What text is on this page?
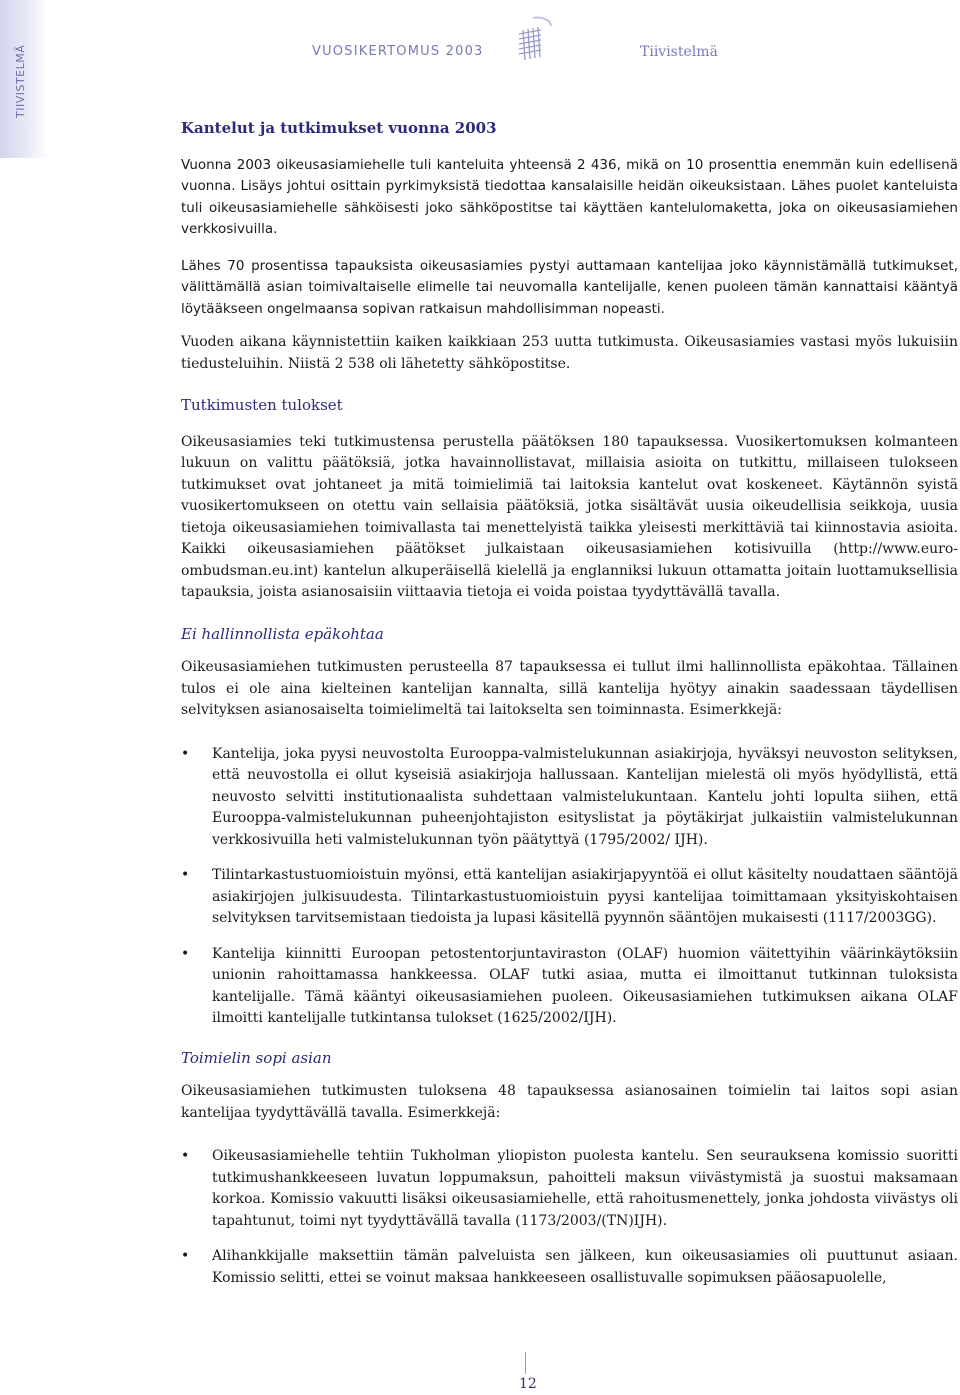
TIIVISTELMÄ	VUOSIKERTOMUS 2003	Tiivistelmä
Kantelut ja tutkimukset vuonna 2003

Vuonna 2003 oikeusasiamiehelle tuli kanteluita yhteensä 2 436, mikä on 10 prosenttia enemmän kuin edellisenä vuonna. Lisäys johtui osittain pyrkimyksistä tiedottaa kansalaisille heidän oikeuksistaan. Lähes puolet kanteluista tuli oikeusasiamiehelle sähköisesti joko sähköpostitse tai käyttäen kantelulomaketta, joka on oikeusasiamiehen verkkosivuilla.

Lähes 70 prosentissa tapauksista oikeusasiamies pystyi auttamaan kantelijaa joko käynnistämällä tutkimukset, välittämällä asian toimivaltaiselle elimelle tai neuvomalla kantelijalle, kenen puoleen tämän kannattaisi kääntyä löytääkseen ongelmaansa sopivan ratkaisun mahdollisimman nopeasti.

Vuoden aikana käynnistettiin kaiken kaikkiaan 253 uutta tutkimusta. Oikeusasiamies vastasi myös lukuisiin tiedusteluihin. Niistä 2 538 oli lähetetty sähköpostitse.

Tutkimusten tulokset

Oikeusasiamies teki tutkimustensa perustella päätöksen 180 tapauksessa. Vuosikertomuksen kolmanteen lukuun on valittu päätöksiä, jotka havainnollistavat, millaisia asioita on tutkittu, millaiseen tulokseen tutkimukset ovat johtaneet ja mitä toimielimiä tai laitoksia kantelut ovat koskeneet. Käytännön syistä vuosikertomukseen on otettu vain sellaisia päätöksiä, jotka sisältävät uusia oikeudellisia seikkoja, uusia tietoja oikeusasiamiehen toimivallasta tai menettelyistä taikka yleisesti merkittäviä tai kiinnostavia asioita. Kaikki oikeusasiamiehen päätökset julkaistaan oikeusasiamiehen kotisivuilla (http://www.euro-ombudsman.eu.int) kantelun alkuperäisellä kielellä ja englanniksi lukuun ottamatta joitain luottamuksellisia tapauksia, joista asianosaisiin viittaavia tietoja ei voida poistaa tyydyttävällä tavalla.

Ei hallinnollista epäkohtaa

Oikeusasiamiehen tutkimusten perusteella 87 tapauksessa ei tullut ilmi hallinnollista epäkohtaa. Tällainen tulos ei ole aina kielteinen kantelijan kannalta, sillä kantelija hyötyy ainakin saadessaan täydellisen selvityksen asianosaiselta toimielimeltä tai laitokselta sen toiminnasta. Esimerkkejä:

• Kantelija, joka pyysi neuvostolta Eurooppa-valmistelukunnan asiakirjoja, hyväksyi neuvoston selityksen, että neuvostolla ei ollut kyseisiä asiakirjoja hallussaan. Kantelijan mielestä oli myös hyödyllistä, että neuvosto selvitti institutionaalista suhdettaan valmistelukuntaan. Kantelu johti lopulta siihen, että Eurooppa-valmistelukunnan puheenjohtajiston esityslistat ja pöytäkirjat julkaistiin valmistelukunnan verkkosivuilla heti valmistelukunnan työn päätyttyä (1795/2002/ IJH).
• Tilintarkastustuomioistuin myönsi, että kantelijan asiakirjapyyntöä ei ollut käsitelty noudattaen sääntöjä asiakirjojen julkisuudesta. Tilintarkastustuomioistuin pyysi kantelijaa toimittamaan yksityiskohtaisen selvityksen tarvitsemistaan tiedoista ja lupasi käsitellä pyynnön sääntöjen mukaisesti (1117/2003GG).
• Kantelija kiinnitti Euroopan petostentorjuntaviraston (OLAF) huomion väitettyihin väärinkäytöksiin unionin rahoittamassa hankkeessa. OLAF tutki asiaa, mutta ei ilmoittanut tutkinnan tuloksista kantelijalle. Tämä kääntyi oikeusasiamiehen puoleen. Oikeusasiamiehen tutkimuksen aikana OLAF ilmoitti kantelijalle tutkintansa tulokset (1625/2002/IJH).
Toimielin sopi asian

Oikeusasiamiehen tutkimusten tuloksena 48 tapauksessa asianosainen toimielin tai laitos sopi asian kantelijaa tyydyttävällä tavalla. Esimerkkejä:

• Oikeusasiamiehelle tehtiin Tukholman yliopiston puolesta kantelu. Sen seurauksena komissio suoritti tutkimushankkeeseen luvatun loppumaksun, pahoitteli maksun viivästymistä ja suostui maksamaan korkoa. Komissio vakuutti lisäksi oikeusasiamiehelle, että rahoitusmenettely, jonka johdosta viivästys oli tapahtunut, toimi nyt tyydyttävällä tavalla (1173/2003/(TN)IJH).
• Alihankkijalle maksettiin tämän palveluista sen jälkeen, kun oikeusasiamies oli puuttunut asiaan. Komissio selitti, ettei se voinut maksaa hankkeeseen osallistuvalle sopimuksen pääosapuolelle,
12
